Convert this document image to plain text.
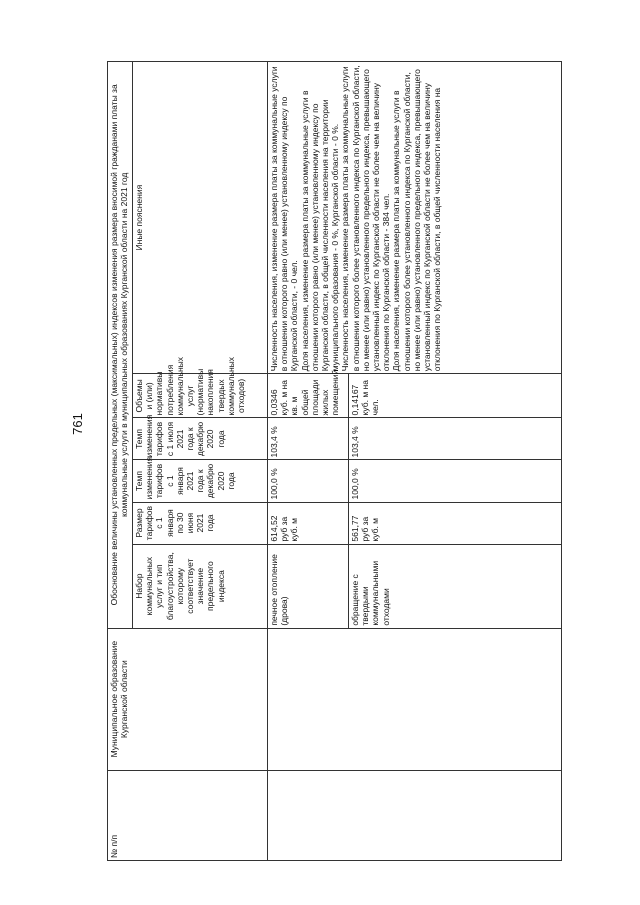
761
№ п/п	Муниципальное образование Курганской области	Обоснование величины установленных предельных (максимальных) индексов изменения размера вносимой гражданами платы за коммунальные услуги в муниципальных образованиях Курганской области на 2021 год					
		Набор коммунальных услуг и тип благоустройства, которому соответствует значение предельного индекса	Размер тарифов с 1 января по 30 июня 2021 года	Темп изменения тарифов с 1 января 2021 года к декабрю 2020 года	Темп изменения тарифов с 1 июля 2021 года к декабрю 2020 года	Объемы и (или) нормативы потребления коммунальных услуг (нормативы накопления твердых коммунальных отходов)	Иные пояснения
		печное отопление (дрова)	614,52 руб за куб. м	100,0 %	103,4 %	0,0346 куб. м на кв. м общей площади жилых помещений	Численность населения, изменение размера платы за коммунальные услуги в отношении которого равно (или менее) установленному индексу по Курганской области, - 0 чел.
Доля населения, изменение размера платы за коммунальные услуги в отношении которого равно (или менее) установленному индексу по Курганской области, в общей численности населения на территории муниципального образования - 0 %, Курганской области - 0 %.
Численность населения, изменение размера платы за коммунальные услуги в отношении которого более установленного индекса по Курганской области, но менее (или равно) установленного предельного индекса, превышающего установленный индекс по Курганской области не более чем на величину отклонения по Курганской области - 384 чел.
Доля населения, изменение размера платы за коммунальные услуги в отношении которого более установленного индекса по Курганской области, но менее (или равно) установленного предельного индекса, превышающего установленный индекс по Курганской области не более чем на величину отклонения по Курганской области, в общей численности населения на
		обращение с твердыми коммунальными отходами	561,77 руб за куб. м	100,0 %	103,4 %	0,14167 куб. м на чел.	
